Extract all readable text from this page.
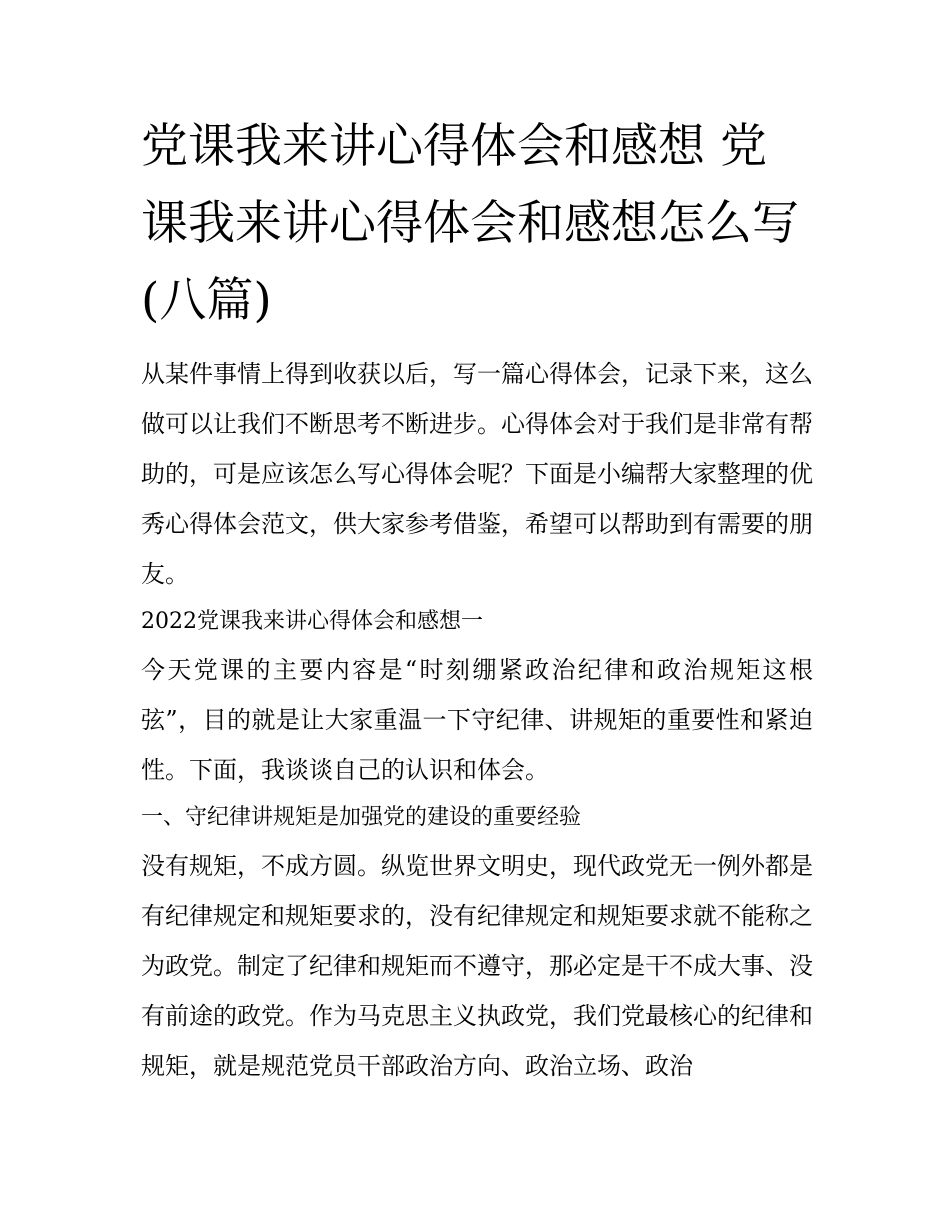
党课我来讲心得体会和感想 党课我来讲心得体会和感想怎么写(八篇)

从某件事情上得到收获以后，写一篇心得体会，记录下来，这么做可以让我们不断思考不断进步。心得体会对于我们是非常有帮助的，可是应该怎么写心得体会呢？下面是小编帮大家整理的优秀心得体会范文，供大家参考借鉴，希望可以帮助到有需要的朋友。

2022党课我来讲心得体会和感想一

今天党课的主要内容是“时刻绷紧政治纪律和政治规矩这根弦”，目的就是让大家重温一下守纪律、讲规矩的重要性和紧迫性。下面，我谈谈自己的认识和体会。

一、守纪律讲规矩是加强党的建设的重要经验

没有规矩，不成方圆。纵览世界文明史，现代政党无一例外都是有纪律规定和规矩要求的，没有纪律规定和规矩要求就不能称之为政党。制定了纪律和规矩而不遵守，那必定是干不成大事、没有前途的政党。作为马克思主义执政党，我们党最核心的纪律和规矩，就是规范党员干部政治方向、政治立场、政治
